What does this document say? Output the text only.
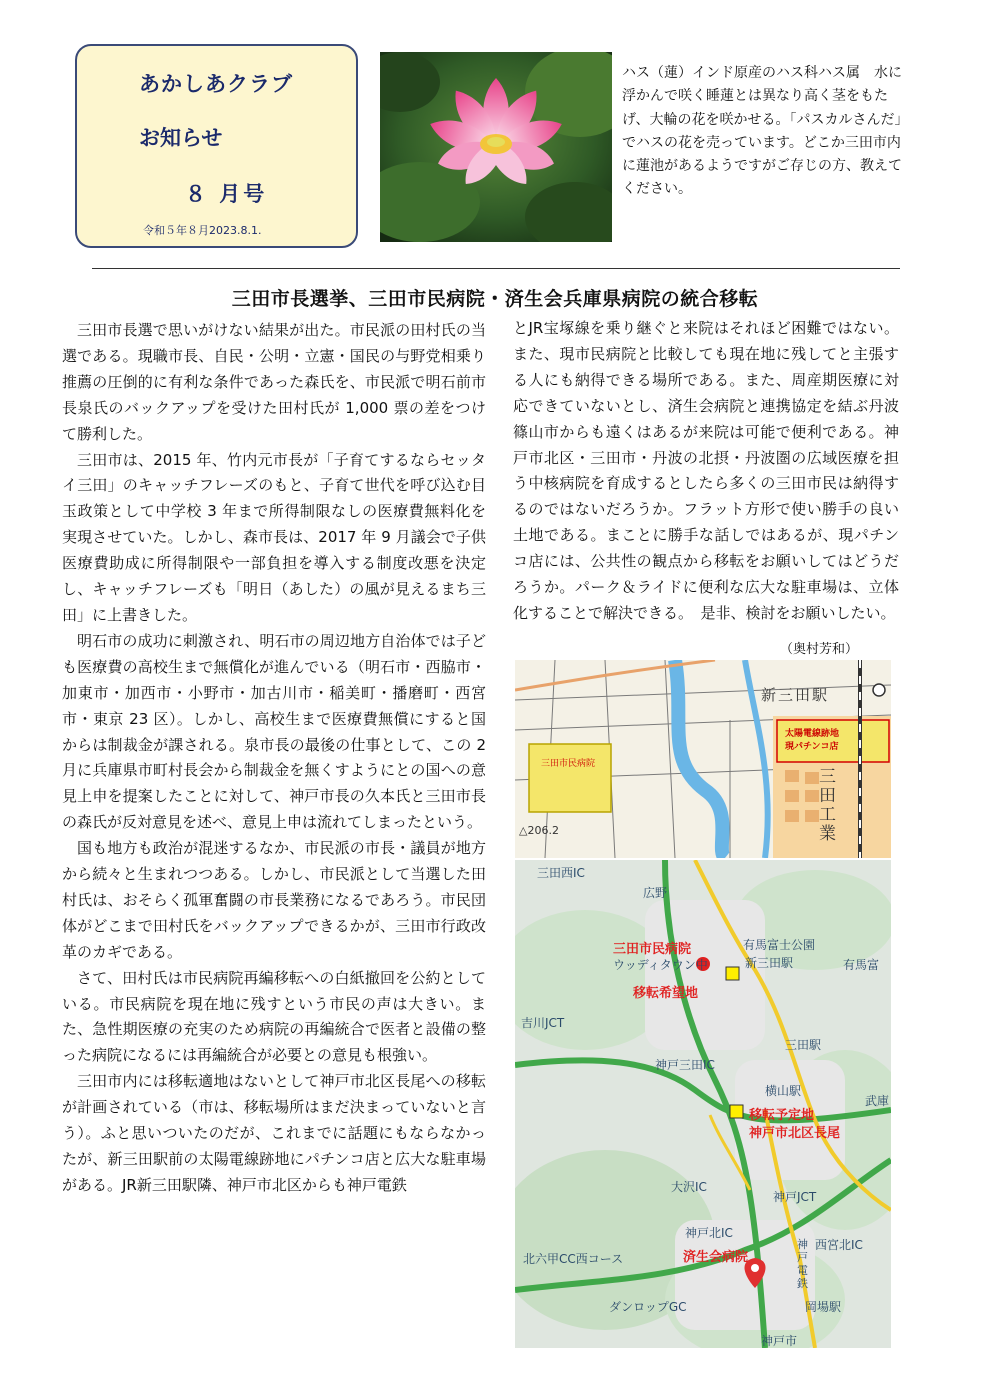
あかしあクラブ
お知らせ
８ 月号
令和５年８月2023.8.1.
ハス（蓮）インド原産のハス科ハス属　水に浮かんで咲く睡蓮とは異なり高く茎をもたげ、大輪の花を咲かせる。「パスカルさんだ」でハスの花を売っています。どこか三田市内に蓮池があるようですがご存じの方、教えてください。
三田市長選挙、三田市民病院・済生会兵庫県病院の統合移転

三田市長選で思いがけない結果が出た。市民派の田村氏の当選である。現職市長、自民・公明・立憲・国民の与野党相乗り推薦の圧倒的に有利な条件であった森氏を、市民派で明石前市長泉氏のバックアップを受けた田村氏が 1,000 票の差をつけて勝利した。

三田市は、2015 年、竹内元市長が「子育てするならセッタイ三田」のキャッチフレーズのもと、子育て世代を呼び込む目玉政策として中学校 3 年まで所得制限なしの医療費無料化を実現させていた。しかし、森市長は、2017 年 9 月議会で子供医療費助成に所得制限や一部負担を導入する制度改悪を決定し、キャッチフレーズも「明日（あした）の風が見えるまち三田」に上書きした。

明石市の成功に刺激され、明石市の周辺地方自治体では子ども医療費の高校生まで無償化が進んでいる（明石市・西脇市・加東市・加西市・小野市・加古川市・稲美町・播磨町・西宮市・東京 23 区）。しかし、高校生まで医療費無償にすると国からは制裁金が課される。泉市長の最後の仕事として、この 2 月に兵庫県市町村長会から制裁金を無くすようにとの国への意見上申を提案したことに対して、神戸市長の久本氏と三田市長の森氏が反対意見を述べ、意見上申は流れてしまったという。

国も地方も政治が混迷するなか、市民派の市長・議員が地方から続々と生まれつつある。しかし、市民派として当選した田村氏は、おそらく孤軍奮闘の市長業務になるであろう。市民団体がどこまで田村氏をバックアップできるかが、三田市行政改革のカギである。

さて、田村氏は市民病院再編移転への白紙撤回を公約としている。市民病院を現在地に残すという市民の声は大きい。また、急性期医療の充実のため病院の再編統合で医者と設備の整った病院になるには再編統合が必要との意見も根強い。

三田市内には移転適地はないとして神戸市北区長尾への移転が計画されている（市は、移転場所はまだ決まっていないと言う）。ふと思いついたのだが、これまでに話題にもならなかったが、新三田駅前の太陽電線跡地にパチンコ店と広大な駐車場がある。JR新三田駅隣、神戸市北区からも神戸電鉄

とJR宝塚線を乗り継ぐと来院はそれほど困難ではない。また、現市民病院と比較しても現在地に残してと主張する人にも納得できる場所である。また、周産期医療に対応できていないとし、済生会病院と連携協定を結ぶ丹波篠山市からも遠くはあるが来院は可能で便利である。神戸市北区・三田市・丹波の北摂・丹波圏の広域医療を担う中核病院を育成するとしたら多くの三田市民は納得するのではないだろうか。フラット方形で使い勝手の良い土地である。まことに勝手な話しではあるが、現パチンコ店には、公共性の観点から移転をお願いしてはどうだろうか。パーク＆ライドに便利な広大な駐車場は、立体化することで解決できる。　是非、検討をお願いしたい。

（奥村芳和）
新三田駅
三田市民病院
太陽電線跡地
現パチンコ店
三田工業
△206.2
三田西IC
広野
三田市民病院
ウッディタウン中
有馬富士公園
新三田駅	有馬富
移転希望地
吉川JCT
三田駅
神戸三田IC
横山駅
武庫
移転予定地
神戸市北区長尾
大沢IC
神戸JCT
神戸北IC
西宮北IC
北六甲CC西コース	済生会病院
神戸電鉄
ダンロップGC	岡場駅
神戸市
